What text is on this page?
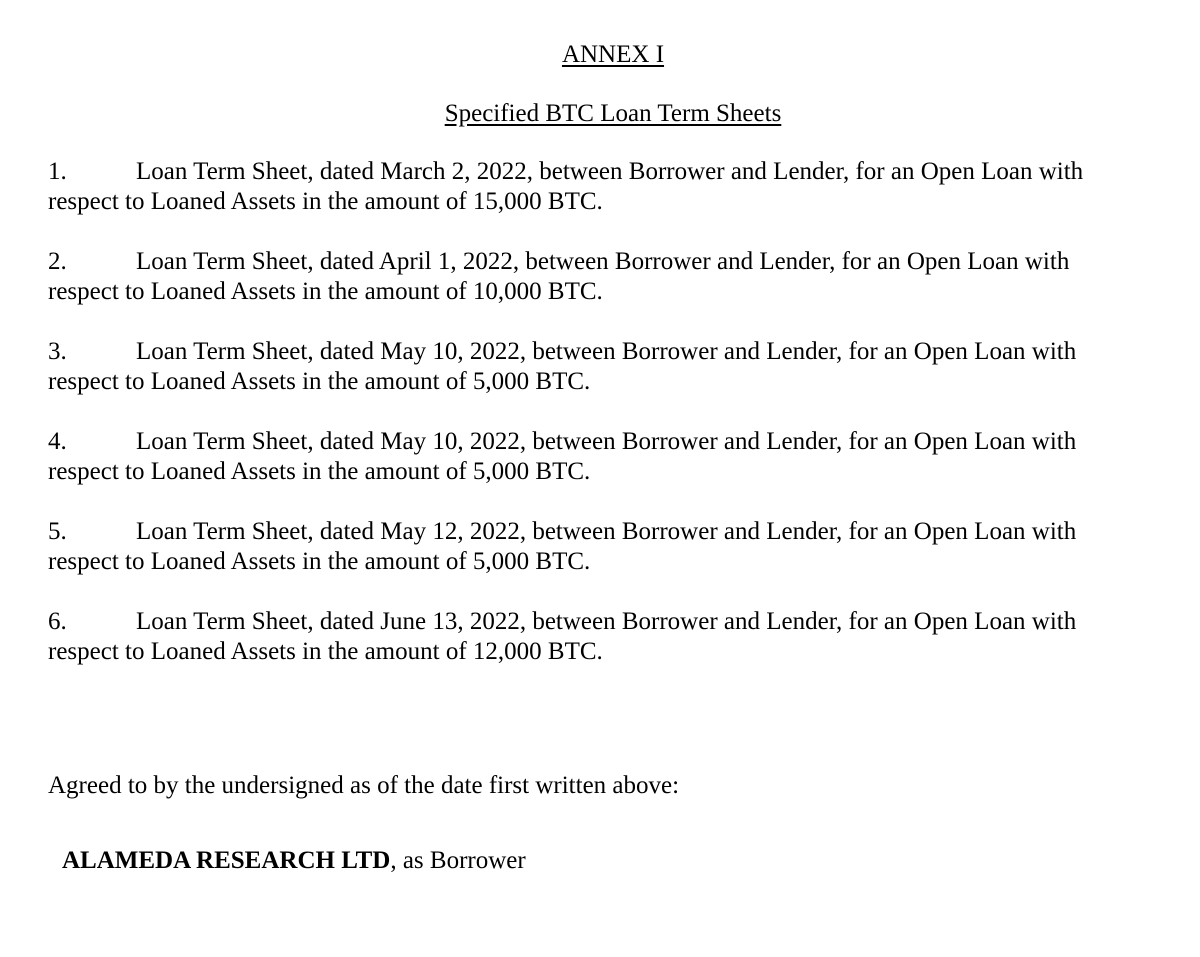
ANNEX I
Specified BTC Loan Term Sheets
1.	Loan Term Sheet, dated March 2, 2022, between Borrower and Lender, for an Open Loan with
respect to Loaned Assets in the amount of 15,000 BTC.
2.	Loan Term Sheet, dated April 1, 2022, between Borrower and Lender, for an Open Loan with
respect to Loaned Assets in the amount of 10,000 BTC.
3.	Loan Term Sheet, dated May 10, 2022, between Borrower and Lender, for an Open Loan with
respect to Loaned Assets in the amount of 5,000 BTC.
4.	Loan Term Sheet, dated May 10, 2022, between Borrower and Lender, for an Open Loan with
respect to Loaned Assets in the amount of 5,000 BTC.
5.	Loan Term Sheet, dated May 12, 2022, between Borrower and Lender, for an Open Loan with
respect to Loaned Assets in the amount of 5,000 BTC.
6.	Loan Term Sheet, dated June 13, 2022, between Borrower and Lender, for an Open Loan with
respect to Loaned Assets in the amount of 12,000 BTC.
Agreed to by the undersigned as of the date first written above:
ALAMEDA RESEARCH LTD, as Borrower
